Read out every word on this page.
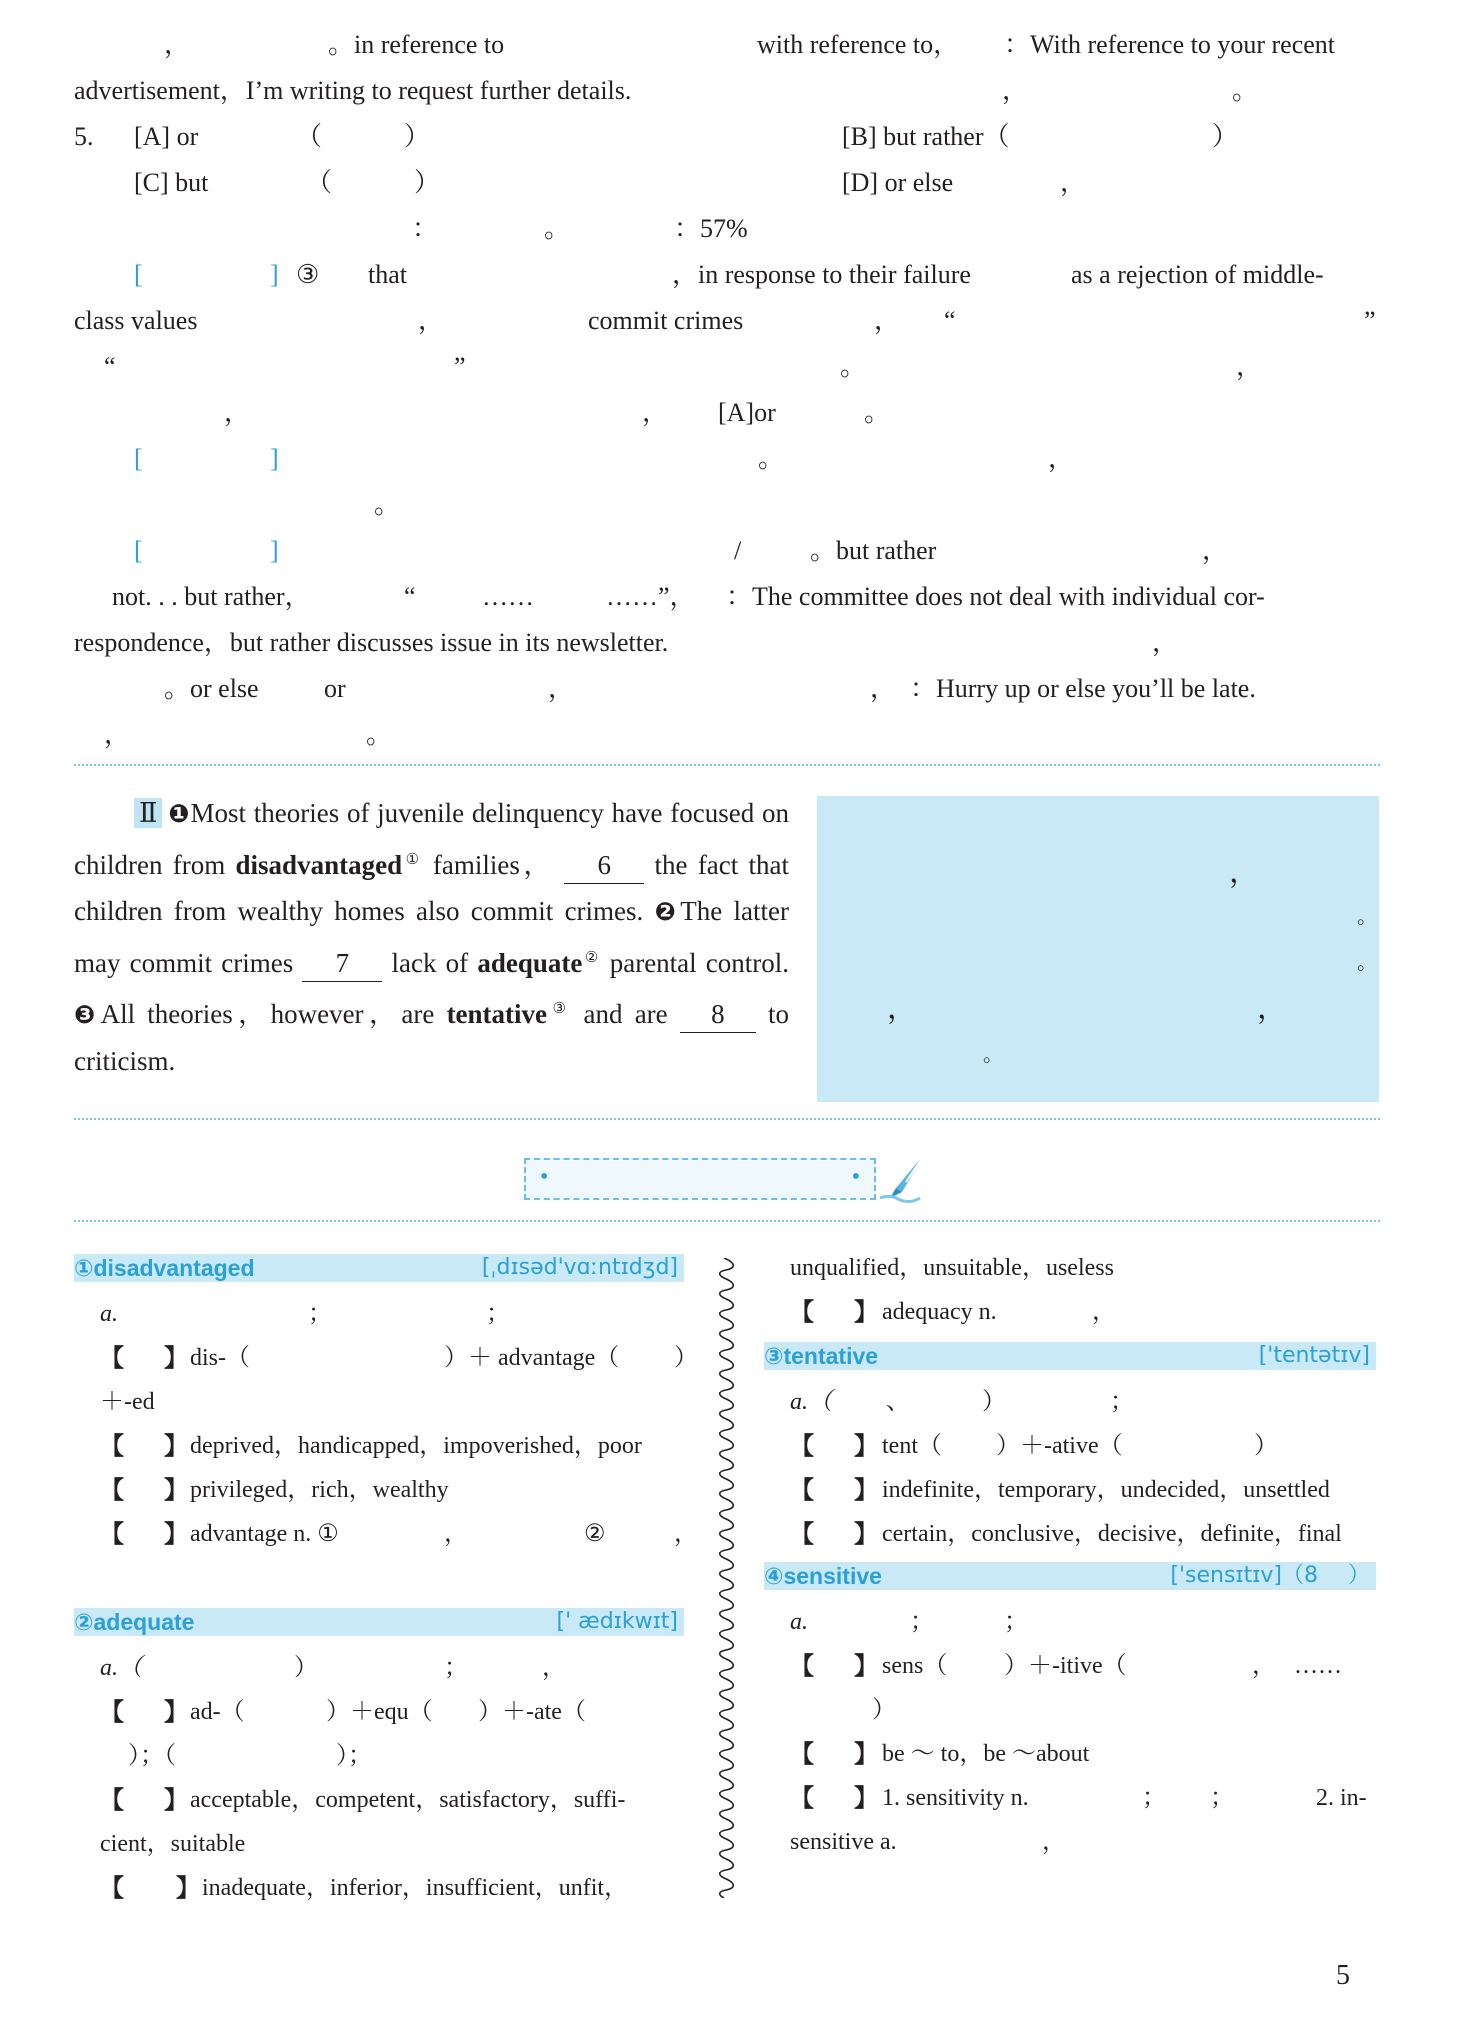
，	。in reference to	with reference to， ：With reference to your recent
advertisement，I’m writing to request further details.	，	。
5. [A] or	（	）	[B] but rather（	）
[C] but	（	）	[D] or else	，
：	。	：57%
[	] ③ that	，in response to their failure	as a rejection of middle-
class values	，	commit crimes	， “	”
“	”	。	，
，	， [A]or	。
[	]	。	，
。
[	]	/	。but rather	，
not. . . but rather，	“	……	……”， ：The committee does not deal with individual cor-
respondence，but rather discusses issue in its newsletter.	，
。or else	or	，	， ：Hurry up or else you’ll be late.
，	。
Ⅱ ❶Most theories of juvenile delinquency have focused on children from disadvantaged① families， 6 the fact that children from wealthy homes also commit crimes. ❷The latter may commit crimes 7 lack of adequate② parental control. ❸All theories，however，are tentative③ and are 8 to criticism.
，
。
。
，	，
。
•	•
①disadvantaged	[ˌdɪsəd'vɑːntɪdʒd]
a.	；	；
【 】 dis-（	）＋ advantage（ ）
＋-ed
【 】 deprived，handicapped，impoverished，poor
【 】 privileged，rich，wealthy
【 】 advantage n. ①	，	②	，
②adequate	[' ædɪkwɪt]
a.（	）	；	，
【 】 ad-（	）＋equ（ ）＋-ate（
）；（	）；
【 】 acceptable，competent，satisfactory，suffi-
cient，suitable
【 】 inadequate，inferior，insufficient，unfit，
unqualified，unsuitable，useless
【 】 adequacy n.	，
③tentative	['tentətɪv]
a.（ 、	）	；
【 】 tent（ ）＋-ative（	）
【 】 indefinite，temporary，undecided，unsettled
【 】 certain，conclusive，decisive，definite，final
④sensitive	['sensɪtɪv]（8 ）
a.	；	；
【 】 sens（ ）＋-itive（	， ……
）
【 】 be ～ to，be ～about
【 】 1. sensitivity n.	； ；	2. in-
sensitive a.	，
5
